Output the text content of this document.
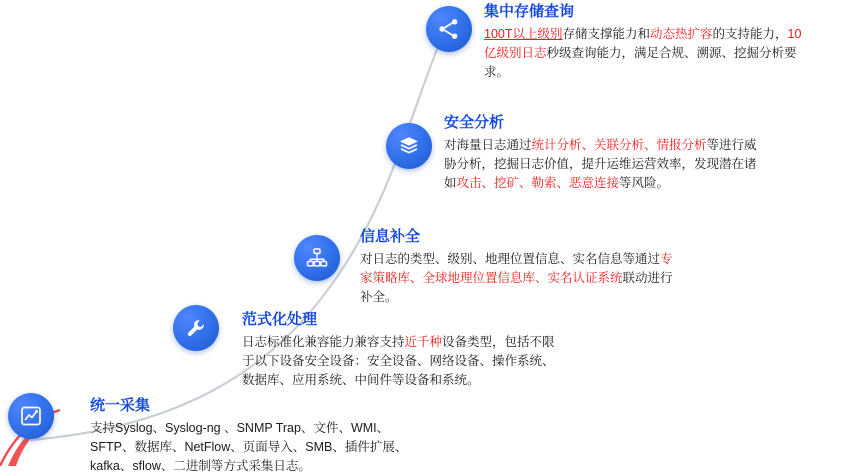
集中存储查询
100T以上级别存储支撑能力和动态热扩容的支持能力，10
亿级别日志秒级查询能力，满足合规、溯源、挖掘分析要
求。
安全分析
对海量日志通过统计分析、关联分析、情报分析等进行威
胁分析，挖掘日志价值，提升运维运营效率，发现潜在诸
如攻击、挖矿、勒索、恶意连接等风险。
信息补全
对日志的类型、级别、地理位置信息、实名信息等通过专
家策略库、全球地理位置信息库、实名认证系统联动进行
补全。
范式化处理
日志标准化兼容能力兼容支持近千种设备类型，包括不限
于以下设备安全设备：安全设备、网络设备、操作系统、
数据库、应用系统、中间件等设备和系统。
统一采集
支持Syslog、Syslog-ng 、SNMP Trap、文件、WMI、
SFTP、数据库、NetFlow、页面导入、SMB、插件扩展、
kafka、sflow、二进制等方式采集日志。
